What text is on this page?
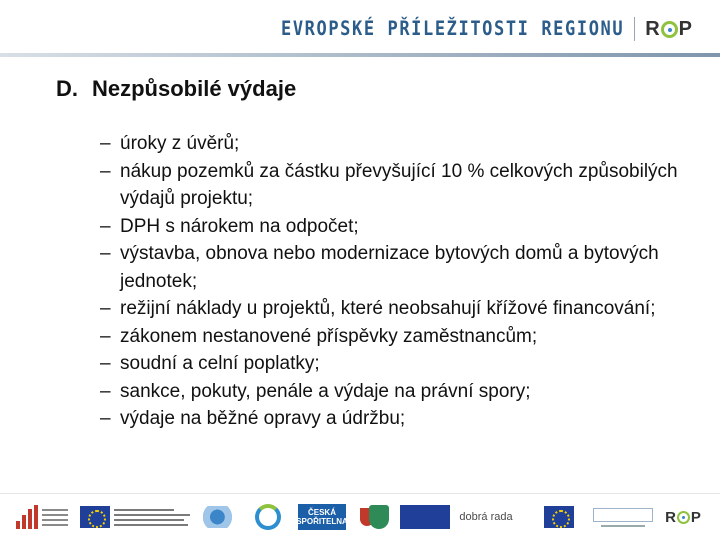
EVROPSKÉ PŘÍLEŽITOSTI REGIONU R P
D. Nezpůsobilé výdaje
– úroky z úvěrů;
– nákup pozemků za částku převyšující 10 % celkových způsobilých výdajů projektu;
– DPH s nárokem na odpočet;
– výstavba, obnova nebo modernizace bytových domů a bytových jednotek;
– režijní náklady u projektů, které neobsahují křížové financování;
– zákonem nestanovené příspěvky zaměstnancům;
– soudní a celní poplatky;
– sankce, pokuty, penále a výdaje na právní spory;
– výdaje na běžné opravy a údržbu;
ČESKÁ
SPOŘITELNA	dobrá rada	R P
